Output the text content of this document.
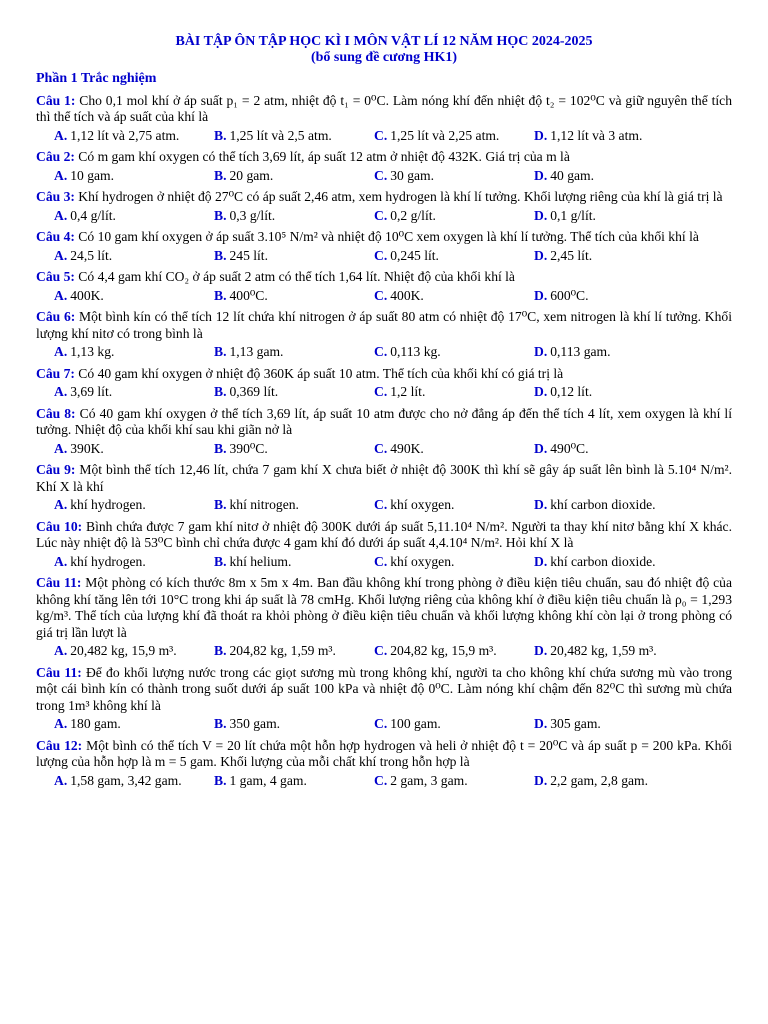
BÀI TẬP ÔN TẬP HỌC KÌ I MÔN VẬT LÍ 12 NĂM HỌC 2024-2025
(bổ sung đề cương HK1)
Phần 1 Trắc nghiệm
Câu 1: Cho 0,1 mol khí ở áp suất p₁ = 2 atm, nhiệt độ t₁ = 0⁰C. Làm nóng khí đến nhiệt độ t₂ = 102⁰C và giữ nguyên thể tích thì thể tích và áp suất của khí là
A. 1,12 lít và 2,75 atm.	B. 1,25 lít và 2,5 atm.	C. 1,25 lít và 2,25 atm.	D. 1,12 lít và 3 atm.
Câu 2: Có m gam khí oxygen có thể tích 3,69 lít, áp suất 12 atm ở nhiệt độ 432K. Giá trị của m là
A. 10 gam.	B. 20 gam.	C. 30 gam.	D. 40 gam.
Câu 3: Khí hydrogen ở nhiệt độ 27⁰C có áp suất 2,46 atm, xem hydrogen là khí lí tưởng. Khối lượng riêng của khí là giá trị là
A. 0,4 g/lít.	B. 0,3 g/lít.	C. 0,2 g/lít.	D. 0,1 g/lít.
Câu 4: Có 10 gam khí oxygen ở áp suất 3.10⁵ N/m² và nhiệt độ 10⁰C xem oxygen là khí lí tưởng. Thể tích của khối khí là
A. 24,5 lít.	B. 245 lít.	C. 0,245 lít.	D. 2,45 lít.
Câu 5: Có 4,4 gam khí CO₂ ở áp suất 2 atm có thể tích 1,64 lít. Nhiệt độ của khối khí là
A. 400K.	B. 400⁰C.	C. 400K.	D. 600⁰C.
Câu 6: Một bình kín có thể tích 12 lít chứa khí nitrogen ở áp suất 80 atm có nhiệt độ 17⁰C, xem nitrogen là khí lí tưởng. Khối lượng khí nitơ có trong bình là
A. 1,13 kg.	B. 1,13 gam.	C. 0,113 kg.	D. 0,113 gam.
Câu 7: Có 40 gam khí oxygen ở nhiệt độ 360K áp suất 10 atm. Thể tích của khối khí có giá trị là
A. 3,69 lít.	B. 0,369 lít.	C. 1,2 lít.	D. 0,12 lít.
Câu 8: Có 40 gam khí oxygen ở thể tích 3,69 lít, áp suất 10 atm được cho nở đẳng áp đến thể tích 4 lít, xem oxygen là khí lí tưởng. Nhiệt độ của khối khí sau khi giãn nở là
A. 390K.	B. 390⁰C.	C. 490K.	D. 490⁰C.
Câu 9: Một bình thể tích 12,46 lít, chứa 7 gam khí X chưa biết ở nhiệt độ 300K thì khí sẽ gây áp suất lên bình là 5.10⁴ N/m². Khí X là khí
A. khí hydrogen.	B. khí nitrogen.	C. khí oxygen.	D. khí carbon dioxide.
Câu 10: Bình chứa được 7 gam khí nitơ ở nhiệt độ 300K dưới áp suất 5,11.10⁴ N/m². Người ta thay khí nitơ bằng khí X khác. Lúc này nhiệt độ là 53⁰C bình chỉ chứa được 4 gam khí đó dưới áp suất 4,4.10⁴ N/m². Hỏi khí X là
A. khí hydrogen.	B. khí helium.	C. khí oxygen.	D. khí carbon dioxide.
Câu 11: Một phòng có kích thước 8m x 5m x 4m. Ban đầu không khí trong phòng ở điều kiện tiêu chuẩn, sau đó nhiệt độ của không khí tăng lên tới 10°C trong khi áp suất là 78 cmHg. Khối lượng riêng của không khí ở điều kiện tiêu chuẩn là ρ₀ = 1,293 kg/m³. Thể tích của lượng khí đã thoát ra khỏi phòng ở điều kiện tiêu chuẩn và khối lượng không khí còn lại ở trong phòng có giá trị lần lượt là
A. 20,482 kg, 15,9 m³.	B. 204,82 kg, 1,59 m³.	C. 204,82 kg, 15,9 m³.	D. 20,482 kg, 1,59 m³.
Câu 11: Để đo khối lượng nước trong các giọt sương mù trong không khí, người ta cho không khí chứa sương mù vào trong một cái bình kín có thành trong suốt dưới áp suất 100 kPa và nhiệt độ 0⁰C. Làm nóng khí chậm đến 82⁰C thì sương mù chứa trong 1m³ không khí là
A. 180 gam.	B. 350 gam.	C. 100 gam.	D. 305 gam.
Câu 12: Một bình có thể tích V = 20 lít chứa một hỗn hợp hydrogen và heli ở nhiệt độ t = 20⁰C và áp suất p = 200 kPa. Khối lượng của hỗn hợp là m = 5 gam. Khối lượng của mỗi chất khí trong hỗn hợp là
A. 1,58 gam, 3,42 gam.	B. 1 gam, 4 gam.	C. 2 gam, 3 gam.	D. 2,2 gam, 2,8 gam.
